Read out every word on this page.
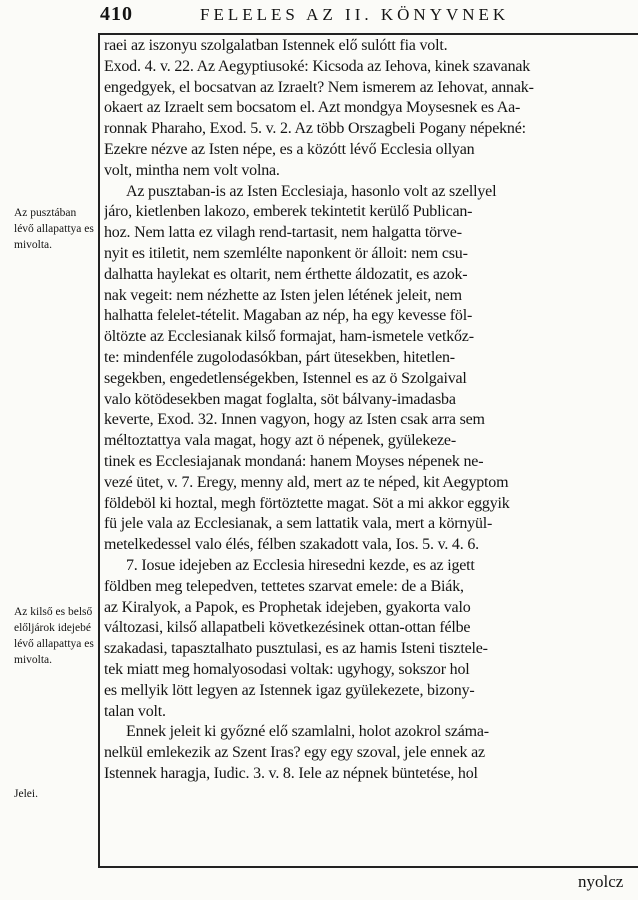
410	FELELES AZ II. KÖNYVNEK
Az pusztában lévő allapattya es mivolta.
Az kilső es belső előljárok idejebé lévő allapattya es mivolta.
Jelei.
raei az iszonyu szolgalatban Istennek elő sulótt fia volt.
Exod. 4. v. 22. Az Aegyptiusoké: Kicsoda az Iehova, kinek szavanak
engedgyek, el bocsatvan az Izraelt? Nem ismerem az Iehovat, annak-
okaert az Izraelt sem bocsatom el. Azt mondgya Moysesnek es Aa-
ronnak Pharaho, Exod. 5. v. 2. Az több Orszagbeli Pogany népekné:
Ezekre nézve az Isten népe, es a közótt lévő Ecclesia ollyan
volt, mintha nem volt volna.
Az pusztaban-is az Isten Ecclesiaja, hasonlo volt az szellyel
járo, kietlenben lakozo, emberek tekintetit kerülő Publican-
hoz. Nem latta ez vilagh rend-tartasit, nem halgatta törve-
nyit es itiletit, nem szemlélte naponkent ör álloit: nem csu-
dalhatta haylekat es oltarit, nem érthette áldozatit, es azok-
nak vegeit: nem nézhette az Isten jelen létének jeleit, nem
halhatta felelet-tételit. Magaban az nép, ha egy kevesse föl-
öltözte az Ecclesianak kilső formajat, ham-ismetele vetkőz-
te: mindenféle zugolodasókban, párt ütesekben, hitetlen-
segekben, engedetlenségekben, Istennel es az ö Szolgaival
valo kötödesekben magat foglalta, söt bálvany-imadasba
keverte, Exod. 32. Innen vagyon, hogy az Isten csak arra sem
méltoztattya vala magat, hogy azt ö népenek, gyülekeze-
tinek es Ecclesiajanak mondaná: hanem Moyses népenek ne-
vezé ütet, v. 7. Eregy, menny ald, mert az te néped, kit Aegyptom
földeböl ki hoztal, megh förtöztette magat. Söt a mi akkor eggyik
fü jele vala az Ecclesianak, a sem lattatik vala, mert a környül-
metelkedessel valo élés, félben szakadott vala, Ios. 5. v. 4. 6.
7. Iosue idejeben az Ecclesia hiresedni kezde, es az igett
földben meg telepedven, tettetes szarvat emele: de a Biák,
az Kiralyok, a Papok, es Prophetak idejeben, gyakorta valo
változasi, kilső allapatbeli következésinek ottan-ottan félbe
szakadasi, tapasztalhato pusztulasi, es az hamis Isteni tisztele-
tek miatt meg homalyosodasi voltak: ugyhogy, sokszor hol
es mellyik lött legyen az Istennek igaz gyülekezete, bizony-
talan volt.
Ennek jeleit ki győzné elő szamlalni, holot azokrol száma-
nelkül emlekezik az Szent Iras? egy egy szoval, jele ennek az
Istennek haragja, Iudic. 3. v. 8. Iele az népnek büntetése, hol
nyolcz
